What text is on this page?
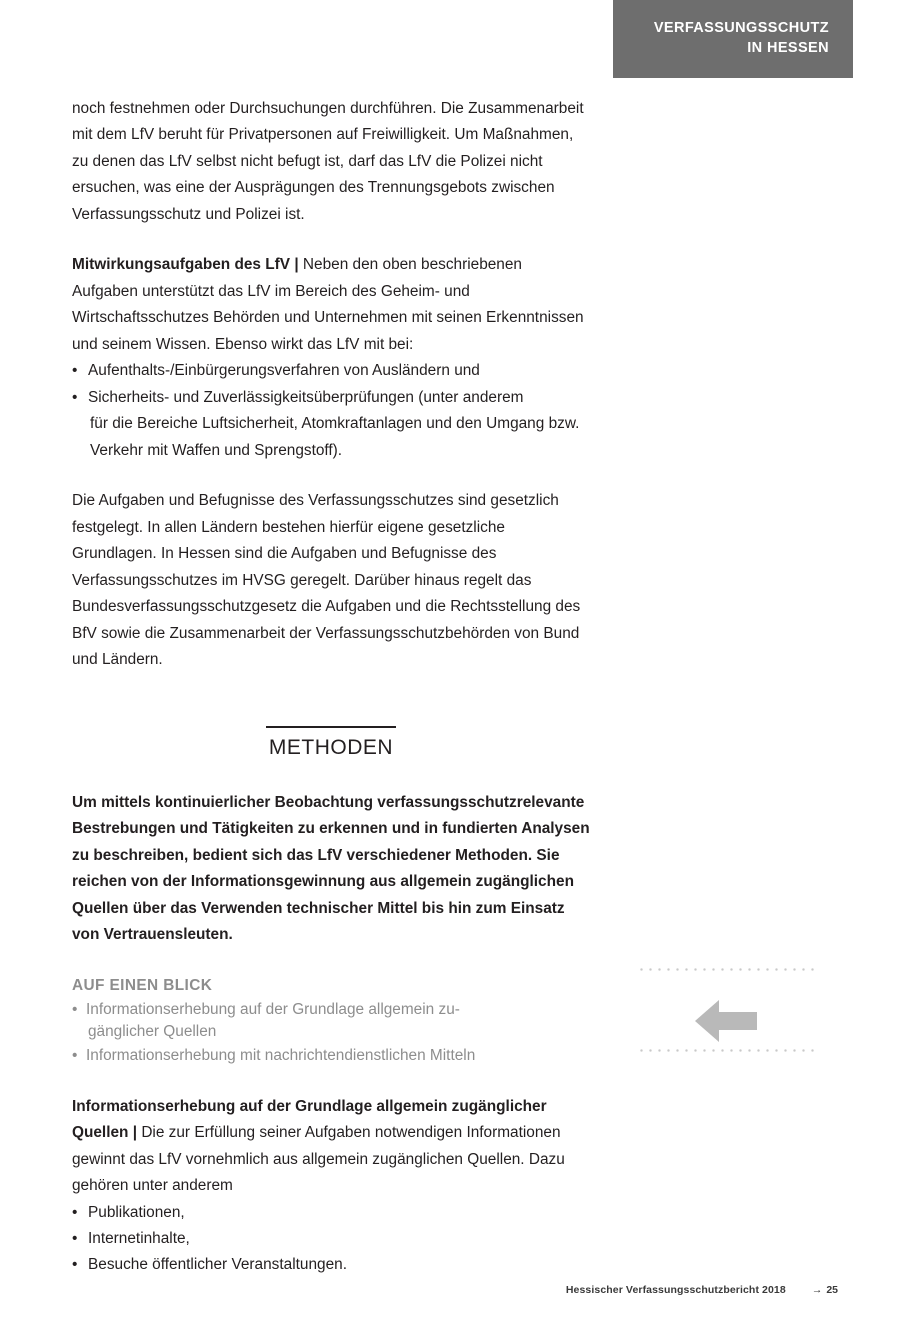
VERFASSUNGSSCHUTZ
IN HESSEN

noch festnehmen oder Durchsuchungen durchführen. Die Zusammenarbeit mit dem LfV beruht für Privatpersonen auf Freiwilligkeit. Um Maßnahmen, zu denen das LfV selbst nicht befugt ist, darf das LfV die Polizei nicht ersuchen, was eine der Ausprägungen des Trennungsgebots zwischen Verfassungsschutz und Polizei ist.

Mitwirkungsaufgaben des LfV | Neben den oben beschriebenen Aufgaben unterstützt das LfV im Bereich des Geheim- und Wirtschaftsschutzes Behörden und Unternehmen mit seinen Erkenntnissen und seinem Wissen. Ebenso wirkt das LfV mit bei:

• Aufenthalts-/Einbürgerungsverfahren von Ausländern und
• Sicherheits- und Zuverlässigkeitsüberprüfungen (unter anderem
für die Bereiche Luftsicherheit, Atomkraftanlagen und den Umgang bzw. Verkehr mit Waffen und Sprengstoff).

Die Aufgaben und Befugnisse des Verfassungsschutzes sind gesetzlich festgelegt. In allen Ländern bestehen hierfür eigene gesetzliche Grundlagen. In Hessen sind die Aufgaben und Befugnisse des Verfassungsschutzes im HVSG geregelt. Darüber hinaus regelt das Bundesverfassungsschutzgesetz die Aufgaben und die Rechtsstellung des BfV sowie die Zusammenarbeit der Verfassungsschutzbehörden von Bund und Ländern.

METHODEN

Um mittels kontinuierlicher Beobachtung verfassungsschutzrelevante Bestrebungen und Tätigkeiten zu erkennen und in fundierten Analysen zu beschreiben, bedient sich das LfV verschiedener Methoden. Sie reichen von der Informationsgewinnung aus allgemein zugänglichen Quellen über das Verwenden technischer Mittel bis hin zum Einsatz von Vertrauensleuten.

AUF EINEN BLICK
• Informationserhebung auf der Grundlage allgemein zu-
gänglicher Quellen
• Informationserhebung mit nachrichtendienstlichen Mitteln

Informationserhebung auf der Grundlage allgemein zugänglicher Quellen | Die zur Erfüllung seiner Aufgaben notwendigen Informationen gewinnt das LfV vornehmlich aus allgemein zugänglichen Quellen. Dazu gehören unter anderem

• Publikationen,
• Internetinhalte,
• Besuche öffentlicher Veranstaltungen.
Hessischer Verfassungsschutzbericht 2018 → 25
